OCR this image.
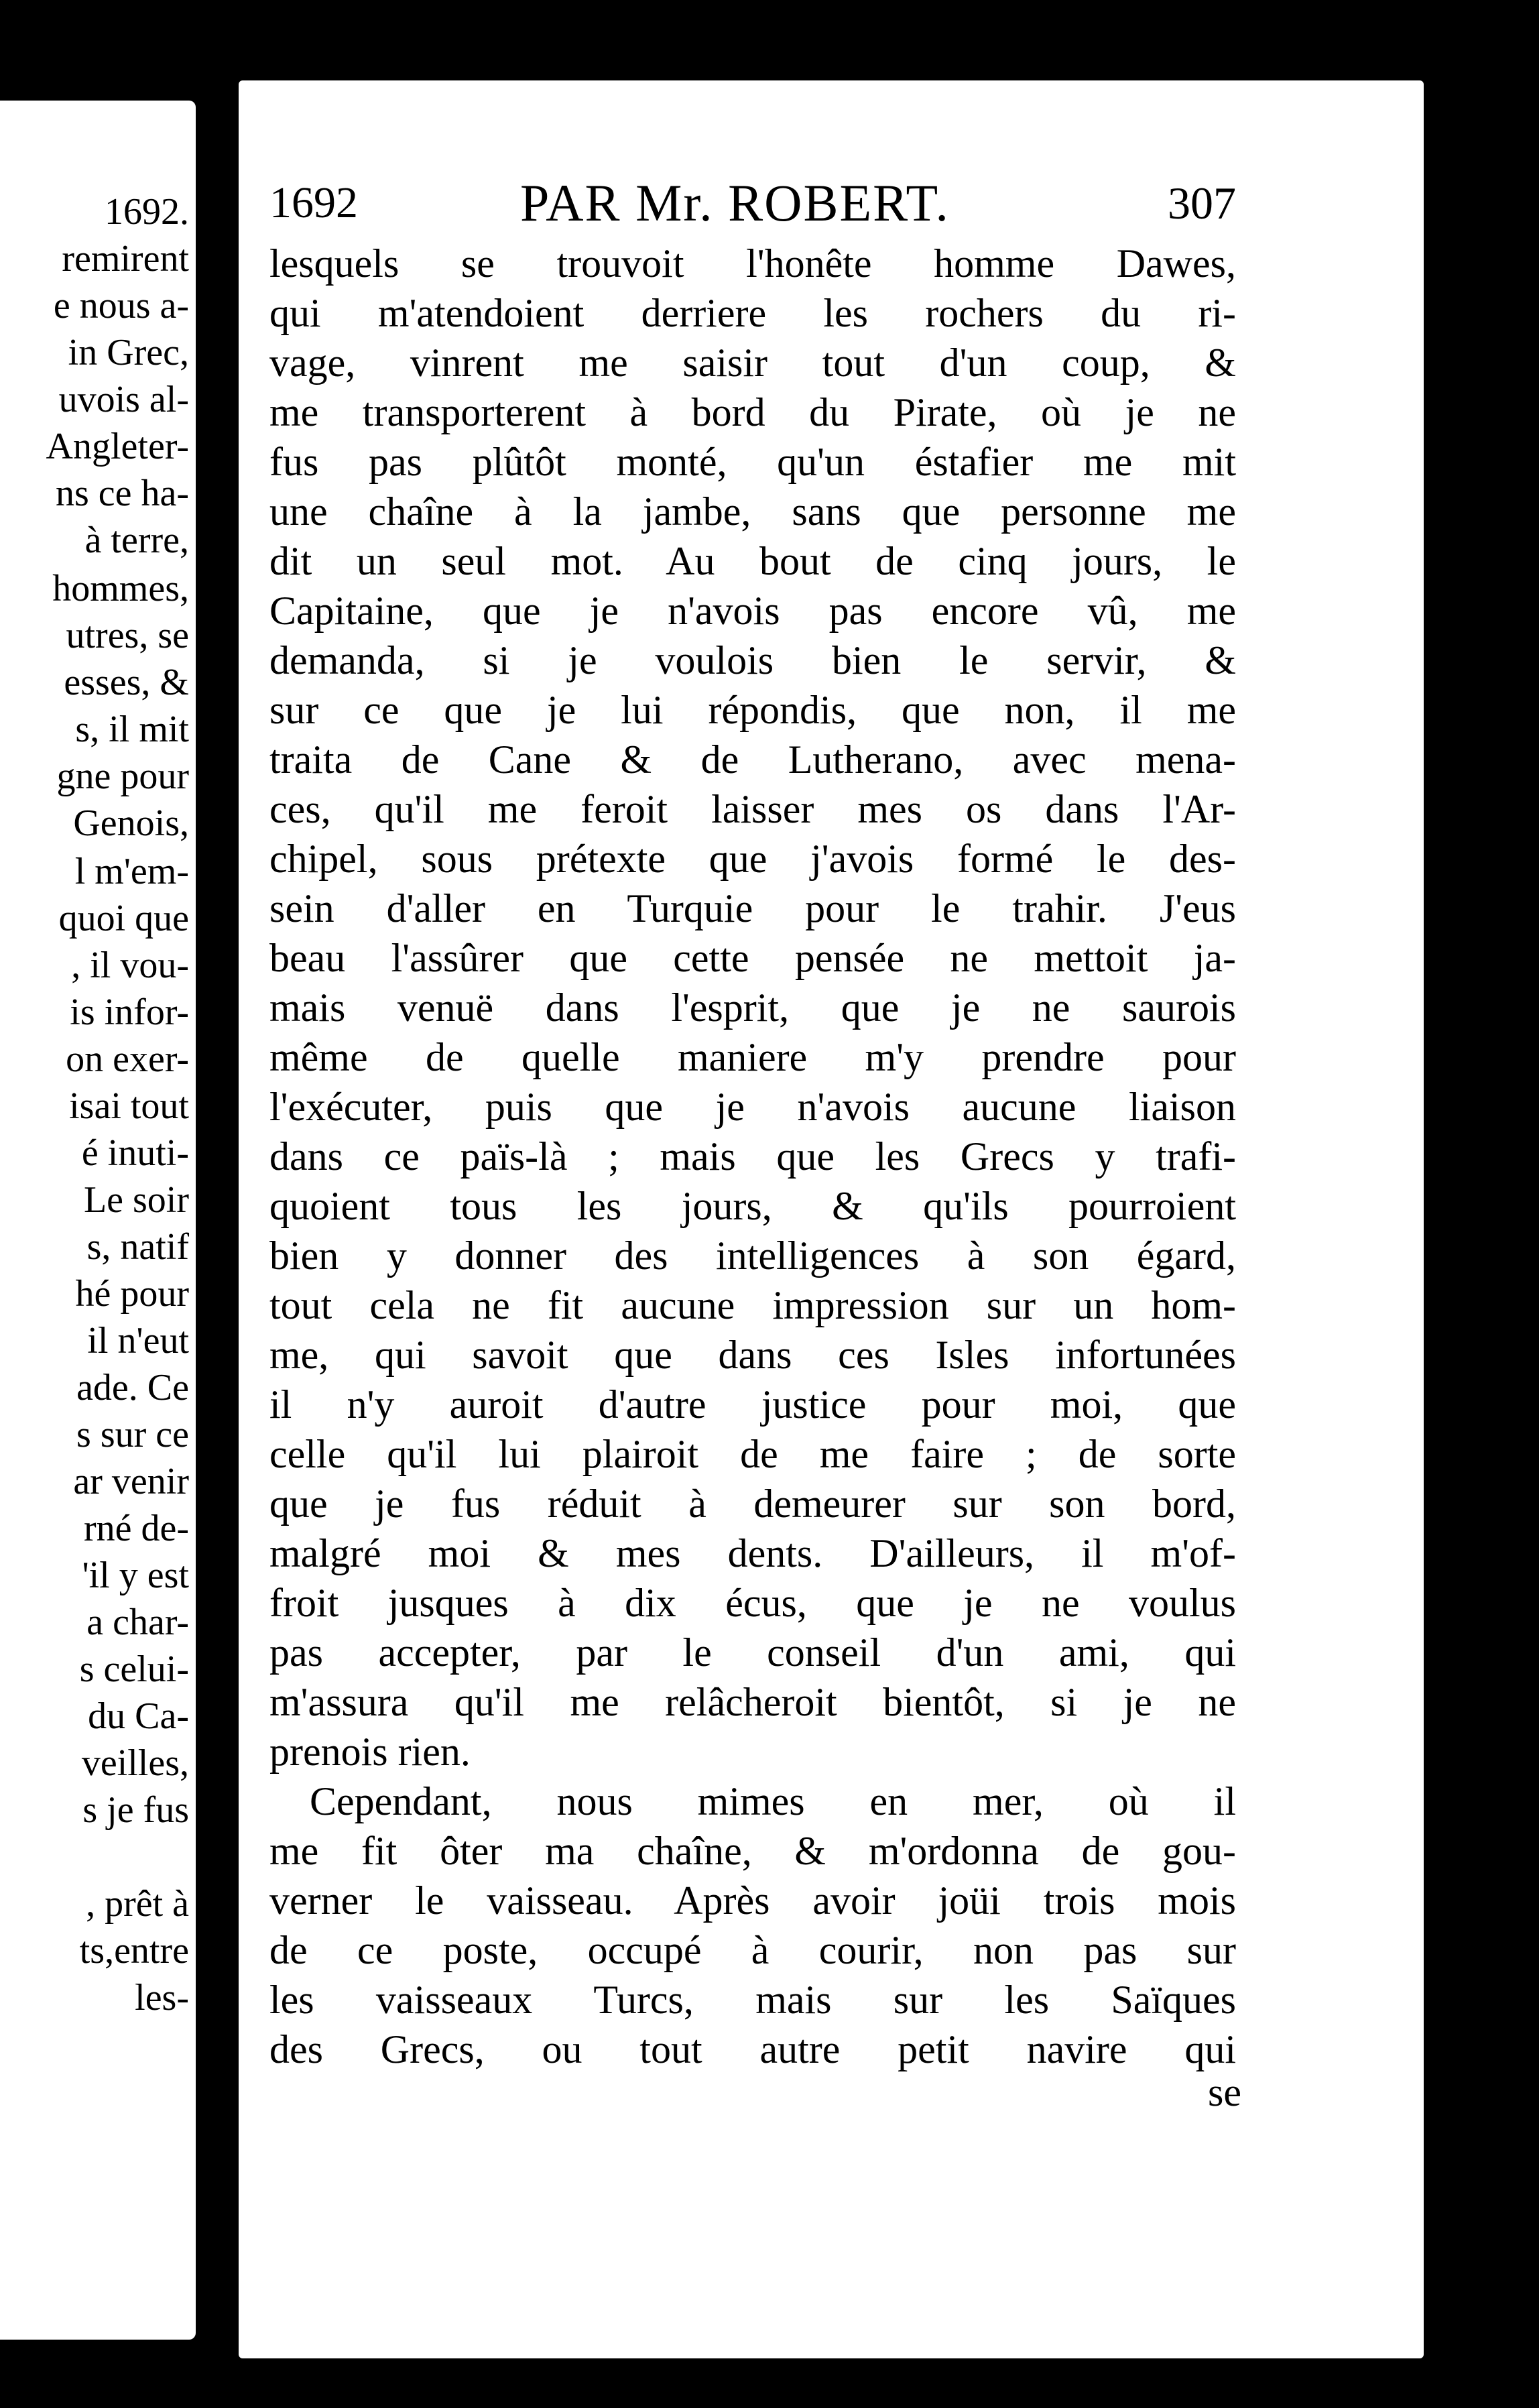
1692.
remirent
e nous a-
in Grec,
uvois al-
Angleter-
ns ce ha-
à terre,
hommes,
utres, se
esses, &
s, il mit
gne pour
Genois,
l m'em-
quoi que
, il vou-
is infor-
on exer-
isai tout
é inuti-
Le soir
s, natif
hé pour
il n'eut
ade. Ce
s sur ce
ar venir
rné de-
'il y est
a char-
s celui-
du Ca-
veilles,
s je fus
, prêt à
ts,entre
les-
1692	PAR Mr. ROBERT.	307
lesquels se trouvoit l'honête homme Dawes,
qui m'atendoient derriere les rochers du ri-
vage, vinrent me saisir tout d'un coup, &
me transporterent à bord du Pirate, où je ne
fus pas plûtôt monté, qu'un éstafier me mit
une chaîne à la jambe, sans que personne me
dit un seul mot. Au bout de cinq jours, le
Capitaine, que je n'avois pas encore vû, me
demanda, si je voulois bien le servir, &
sur ce que je lui répondis, que non, il me
traita de Cane & de Lutherano, avec mena-
ces, qu'il me feroit laisser mes os dans l'Ar-
chipel, sous prétexte que j'avois formé le des-
sein d'aller en Turquie pour le trahir. J'eus
beau l'assûrer que cette pensée ne mettoit ja-
mais venuë dans l'esprit, que je ne saurois
même de quelle maniere m'y prendre pour
l'exécuter, puis que je n'avois aucune liaison
dans ce païs-là ; mais que les Grecs y trafi-
quoient tous les jours, & qu'ils pourroient
bien y donner des intelligences à son égard,
tout cela ne fit aucune impression sur un hom-
me, qui savoit que dans ces Isles infortunées
il n'y auroit d'autre justice pour moi, que
celle qu'il lui plairoit de me faire ; de sorte
que je fus réduit à demeurer sur son bord,
malgré moi & mes dents. D'ailleurs, il m'of-
froit jusques à dix écus, que je ne voulus
pas accepter, par le conseil d'un ami, qui
m'assura qu'il me relâcheroit bientôt, si je ne
prenois rien.
Cependant, nous mimes en mer, où il
me fit ôter ma chaîne, & m'ordonna de gou-
verner le vaisseau. Après avoir joüi trois mois
de ce poste, occupé à courir, non pas sur
les vaisseaux Turcs, mais sur les Saïques
des Grecs, ou tout autre petit navire qui
se
